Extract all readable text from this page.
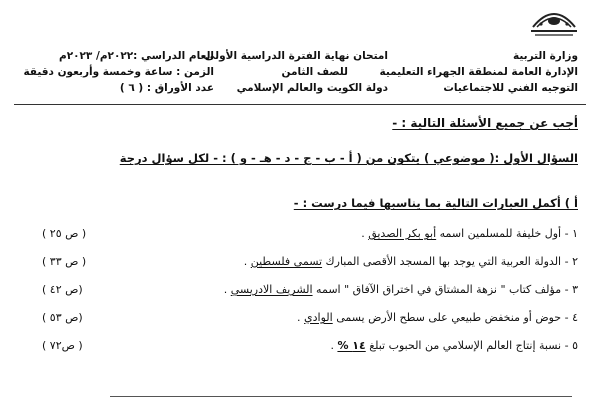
وزارة التربية
الإدارة العامة لمنطقة الجهراء التعليمية
التوجيه الفني للاجتماعيات
امتحان نهاية الفترة الدراسية الأولى
للصف الثامن
دولة الكويت والعالم الإسلامي
العام الدراسي :٢٠٢٢م/ ٢٠٢٣م
الزمن : ساعة وخمسة وأربعون دقيقة
عدد الأوراق : ( ٦ )
أجب عن جميع الأسئلة التالية : -
السؤال الأول :( موضوعي ) يتكون من ( أ - ب - ج - د - هـ - و ) : - لكل سؤال درجة
أ ) أكمل العبارات التالية بما يناسبها فيما درست : -
١ - أول خليفة للمسلمين اسمه أبو بكر الصديق .
( ص ٢٥ )
٢ - الدولة العربية التي يوجد بها المسجد الأقصى المبارك تسمى فلسطين .
( ص ٣٣ )
٣ - مؤلف كتاب " نزهة المشتاق في اختراق الآفاق " اسمه الشريف الادريسي .
(ص ٤٢ )
٤ - حوض أو منخفض طبيعي على سطح الأرض يسمى الوادي .
(ص ٥٣ )
٥ - نسبة إنتاج العالم الإسلامي من الحبوب تبلغ ١٤ % .
( ص٧٢ )
